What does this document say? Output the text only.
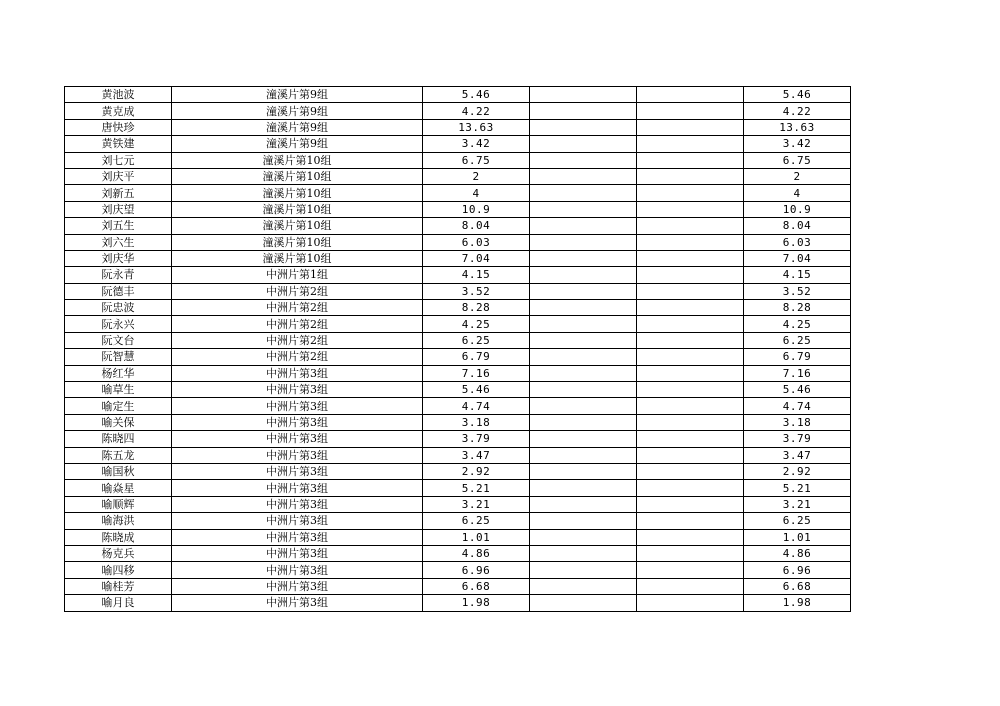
黄池波	潼溪片第9组	5.46			5.46
黄克成	潼溪片第9组	4.22			4.22
唐快珍	潼溪片第9组	13.63			13.63
黄铁建	潼溪片第9组	3.42			3.42
刘七元	潼溪片第10组	6.75			6.75
刘庆平	潼溪片第10组	2			2
刘新五	潼溪片第10组	4			4
刘庆望	潼溪片第10组	10.9			10.9
刘五生	潼溪片第10组	8.04			8.04
刘六生	潼溪片第10组	6.03			6.03
刘庆华	潼溪片第10组	7.04			7.04
阮永青	中洲片第1组	4.15			4.15
阮德丰	中洲片第2组	3.52			3.52
阮忠波	中洲片第2组	8.28			8.28
阮永兴	中洲片第2组	4.25			4.25
阮文台	中洲片第2组	6.25			6.25
阮智慧	中洲片第2组	6.79			6.79
杨红华	中洲片第3组	7.16			7.16
喻草生	中洲片第3组	5.46			5.46
喻定生	中洲片第3组	4.74			4.74
喻关保	中洲片第3组	3.18			3.18
陈晓四	中洲片第3组	3.79			3.79
陈五龙	中洲片第3组	3.47			3.47
喻国秋	中洲片第3组	2.92			2.92
喻焱星	中洲片第3组	5.21			5.21
喻顺辉	中洲片第3组	3.21			3.21
喻海洪	中洲片第3组	6.25			6.25
陈晓成	中洲片第3组	1.01			1.01
杨克兵	中洲片第3组	4.86			4.86
喻四移	中洲片第3组	6.96			6.96
喻桂芳	中洲片第3组	6.68			6.68
喻月良	中洲片第3组	1.98			1.98
